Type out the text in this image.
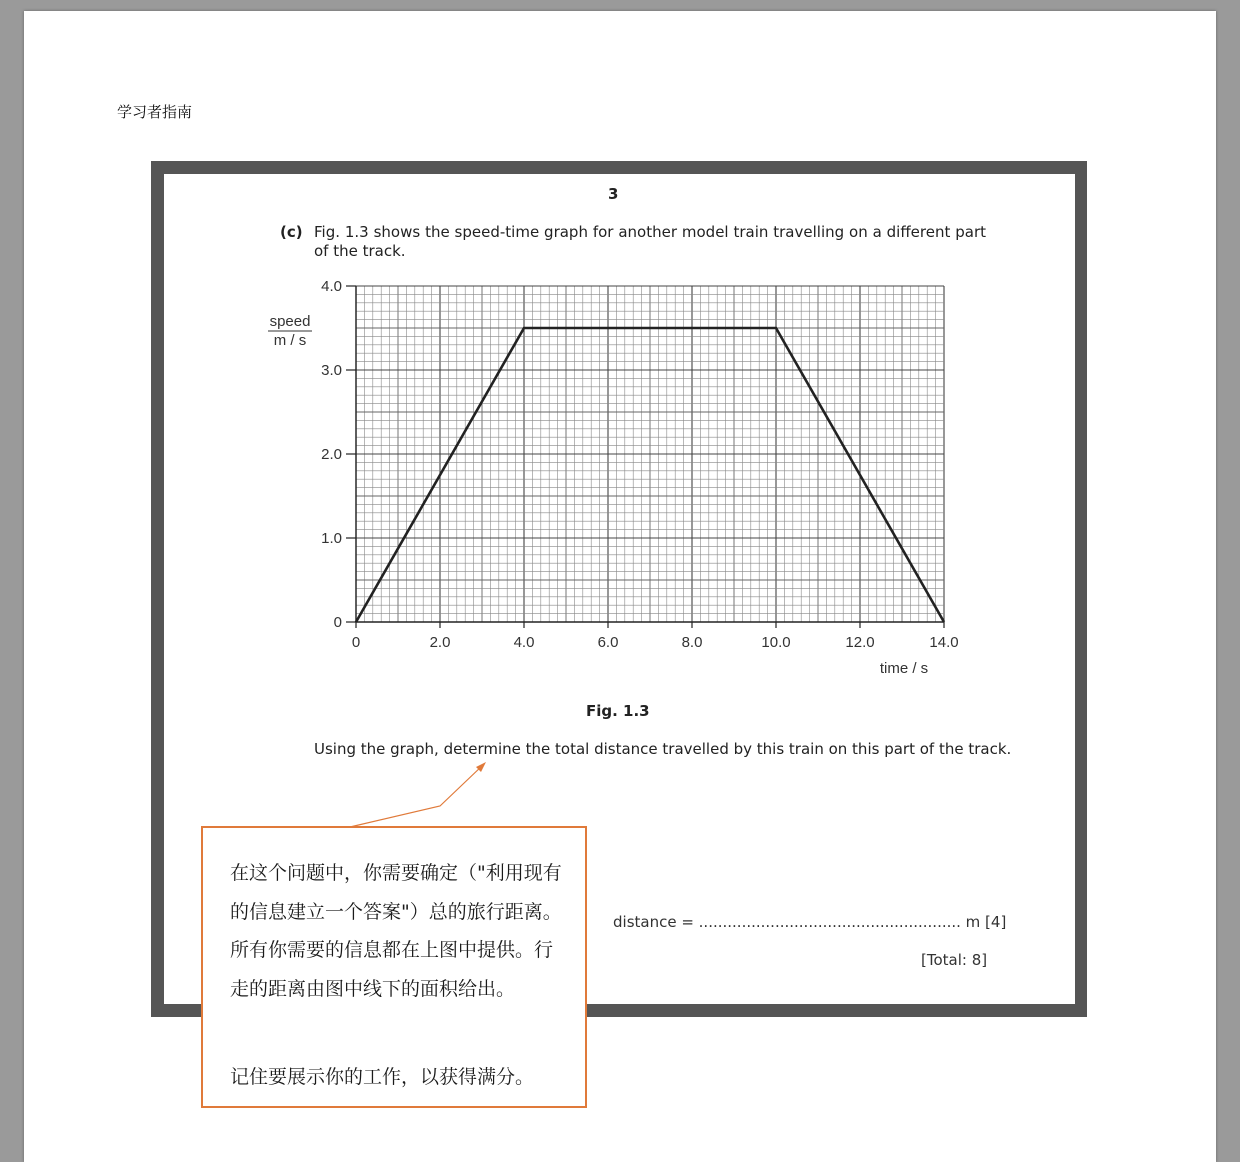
学习者指南
3
(c) Fig. 1.3 shows the speed-time graph for another model train travelling on a different part of the track.
0	2.0	4.0	6.0	8.0	10.0	12.0	14.0
0
1.0
2.0
3.0
4.0
time / s
speed
m / s
Fig. 1.3
Using the graph, determine the total distance travelled by this train on this part of the track.
distance = ....................................................... m [4]
[Total: 8]

在这个问题中，你需要确定（"利用现有的信息建立一个答案"）总的旅行距离。所有你需要的信息都在上图中提供。行走的距离由图中线下的面积给出。

记住要展示你的工作，以获得满分。
